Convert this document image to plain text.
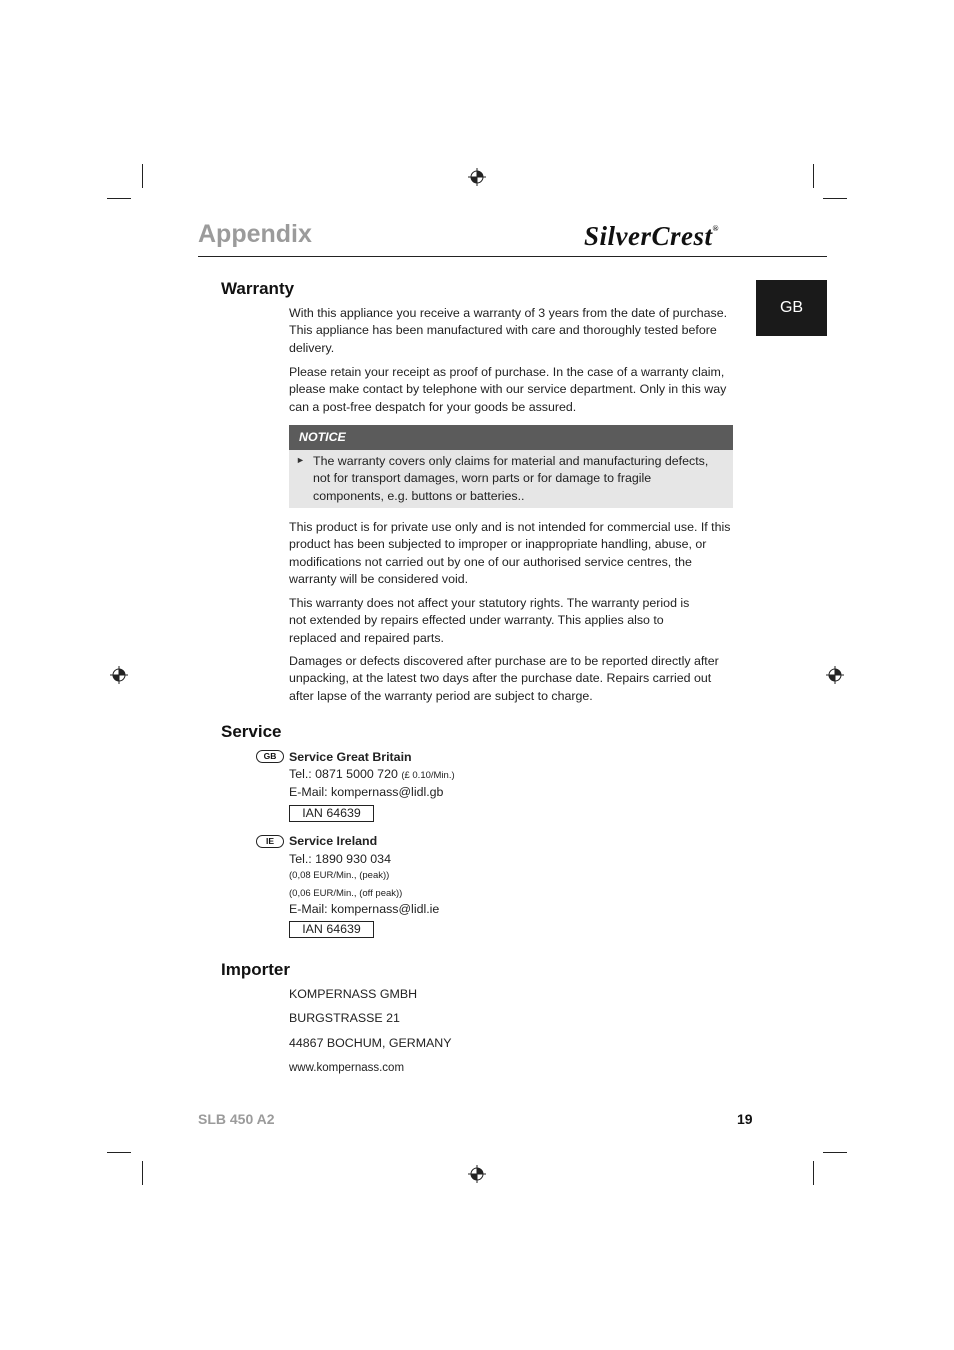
Appendix	SilverCrest®
GB
Warranty

With this appliance you receive a warranty of 3 years from the date of purchase. This appliance has been manufactured with care and thoroughly tested before delivery.

Please retain your receipt as proof of purchase. In the case of a warranty claim, please make contact by telephone with our service department. Only in this way can a post-free despatch for your goods be assured.

NOTICE
► The warranty covers only claims for material and manufacturing defects, not for transport damages, worn parts or for damage to fragile components, e.g. buttons or batteries..

This product is for private use only and is not intended for commercial use. If this product has been subjected to improper or inappropriate handling, abuse, or modifications not carried out by one of our authorised service centres, the warranty will be considered void.

This warranty does not affect your statutory rights. The warranty period is not extended by repairs effected under warranty. This applies also to replaced and repaired parts.

Damages or defects discovered after purchase are to be reported directly after unpacking, at the latest two days after the purchase date. Repairs carried out after lapse of the warranty period are subject to charge.

Service
GB	Service Great Britain
Tel.: 0871 5000 720 (£ 0.10/Min.)
E-Mail: kompernass@lidl.gb
IAN 64639
IE	Service Ireland
Tel.: 1890 930 034
(0,08 EUR/Min., (peak))
(0,06 EUR/Min., (off peak))
E-Mail: kompernass@lidl.ie
IAN 64639
Importer
KOMPERNASS GMBH
BURGSTRASSE 21
44867 BOCHUM, GERMANY
www.kompernass.com
SLB 450 A2	19
